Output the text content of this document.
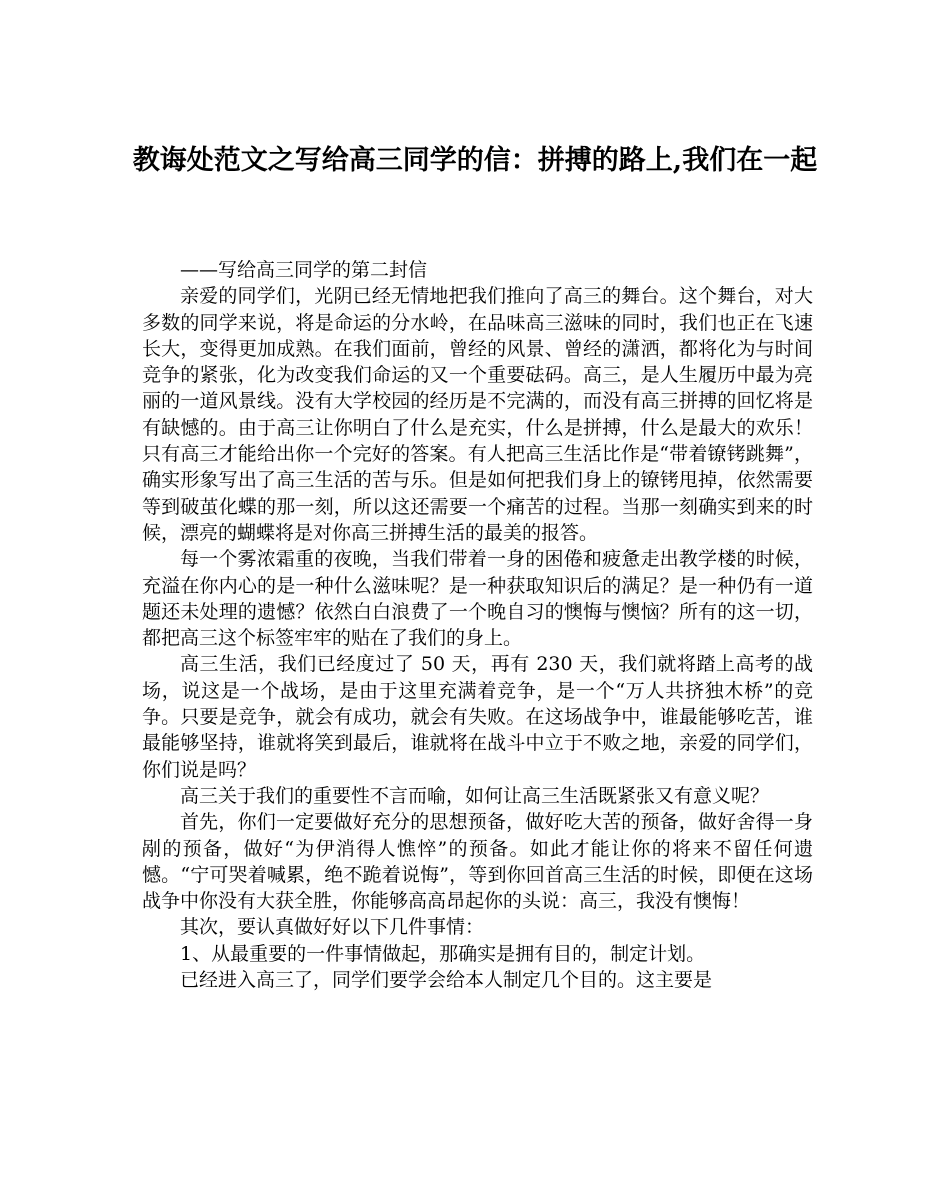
教诲处范文之写给高三同学的信：拼搏的路上,我们在一起

——写给高三同学的第二封信

亲爱的同学们，光阴已经无情地把我们推向了高三的舞台。这个舞台，对大多数的同学来说，将是命运的分水岭，在品味高三滋味的同时，我们也正在飞速长大，变得更加成熟。在我们面前，曾经的风景、曾经的潇洒，都将化为与时间竞争的紧张，化为改变我们命运的又一个重要砝码。高三，是人生履历中最为亮丽的一道风景线。没有大学校园的经历是不完满的，而没有高三拼搏的回忆将是有缺憾的。由于高三让你明白了什么是充实，什么是拼搏，什么是最大的欢乐！只有高三才能给出你一个完好的答案。有人把高三生活比作是“带着镣铐跳舞”，确实形象写出了高三生活的苦与乐。但是如何把我们身上的镣铐甩掉，依然需要等到破茧化蝶的那一刻，所以这还需要一个痛苦的过程。当那一刻确实到来的时候，漂亮的蝴蝶将是对你高三拼搏生活的最美的报答。

每一个雾浓霜重的夜晚，当我们带着一身的困倦和疲惫走出教学楼的时候，充溢在你内心的是一种什么滋味呢？是一种获取知识后的满足？是一种仍有一道题还未处理的遗憾？依然白白浪费了一个晚自习的懊悔与懊恼？所有的这一切，都把高三这个标签牢牢的贴在了我们的身上。

高三生活，我们已经度过了 50 天，再有 230 天，我们就将踏上高考的战场，说这是一个战场，是由于这里充满着竞争，是一个“万人共挤独木桥”的竞争。只要是竞争，就会有成功，就会有失败。在这场战争中，谁最能够吃苦，谁最能够坚持，谁就将笑到最后，谁就将在战斗中立于不败之地，亲爱的同学们，你们说是吗？

高三关于我们的重要性不言而喻，如何让高三生活既紧张又有意义呢？

首先，你们一定要做好充分的思想预备，做好吃大苦的预备，做好舍得一身剐的预备，做好“为伊消得人憔悴”的预备。如此才能让你的将来不留任何遗憾。“宁可哭着喊累，绝不跪着说悔”，等到你回首高三生活的时候，即便在这场战争中你没有大获全胜，你能够高高昂起你的头说：高三，我没有懊悔！

其次，要认真做好好以下几件事情：

1、从最重要的一件事情做起，那确实是拥有目的，制定计划。

已经进入高三了，同学们要学会给本人制定几个目的。这主要是
